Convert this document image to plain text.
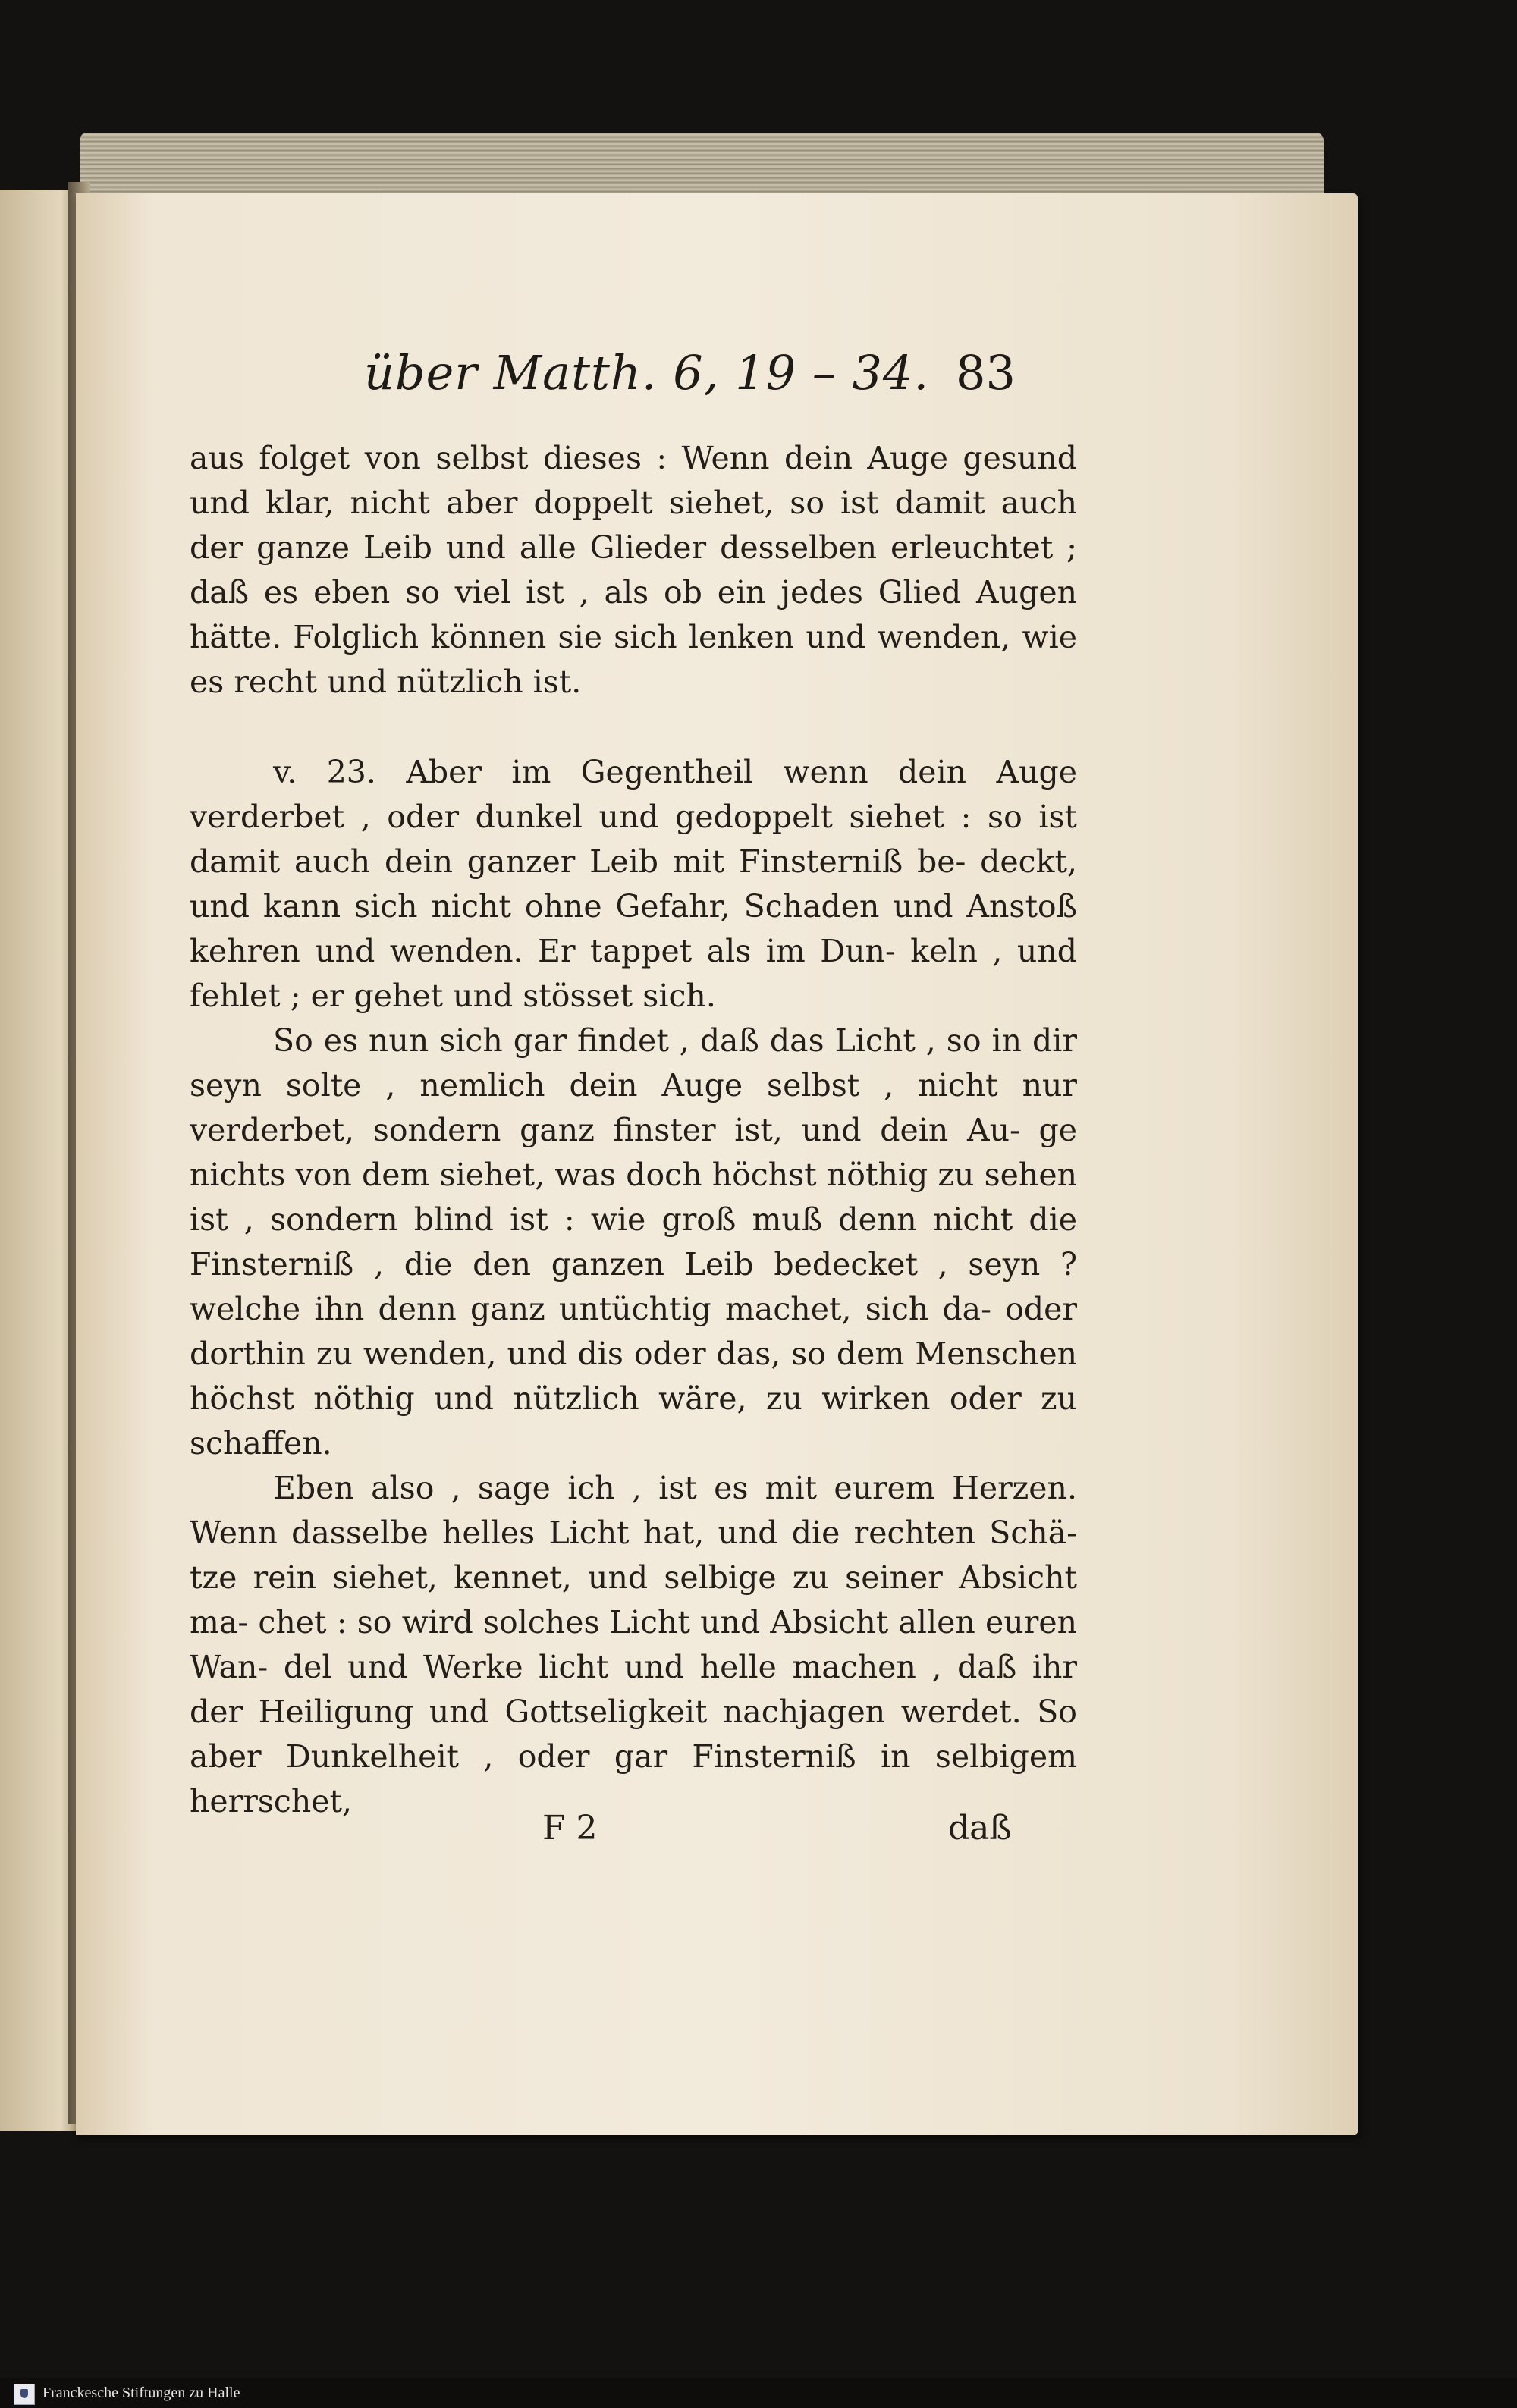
über Matth. 6, 19 – 34. 83

aus folget von selbst dieses : Wenn dein Auge gesund und klar, nicht aber doppelt siehet, so ist damit auch der ganze Leib und alle Glieder desselben erleuchtet ; daß es eben so viel ist , als ob ein jedes Glied Augen hätte. Folglich können sie sich lenken und wenden, wie es recht und nützlich ist.

v. 23. Aber im Gegentheil wenn dein Auge verderbet , oder dunkel und gedoppelt siehet : so ist damit auch dein ganzer Leib mit Finsterniß be- deckt, und kann sich nicht ohne Gefahr, Schaden und Anstoß kehren und wenden. Er tappet als im Dun- keln , und fehlet ; er gehet und stösset sich.

So es nun sich gar findet , daß das Licht , so in dir seyn solte , nemlich dein Auge selbst , nicht nur verderbet, sondern ganz finster ist, und dein Au- ge nichts von dem siehet, was doch höchst nöthig zu sehen ist , sondern blind ist : wie groß muß denn nicht die Finsterniß , die den ganzen Leib bedecket , seyn ? welche ihn denn ganz untüchtig machet, sich da- oder dorthin zu wenden, und dis oder das, so dem Menschen höchst nöthig und nützlich wäre, zu wirken oder zu schaffen.

Eben also , sage ich , ist es mit eurem Herzen. Wenn dasselbe helles Licht hat, und die rechten Schä- tze rein siehet, kennet, und selbige zu seiner Absicht ma- chet : so wird solches Licht und Absicht allen euren Wan- del und Werke licht und helle machen , daß ihr der Heiligung und Gottseligkeit nachjagen werdet. So aber Dunkelheit , oder gar Finsterniß in selbigem herrschet,

F 2	daß
Franckesche Stiftungen zu Halle
